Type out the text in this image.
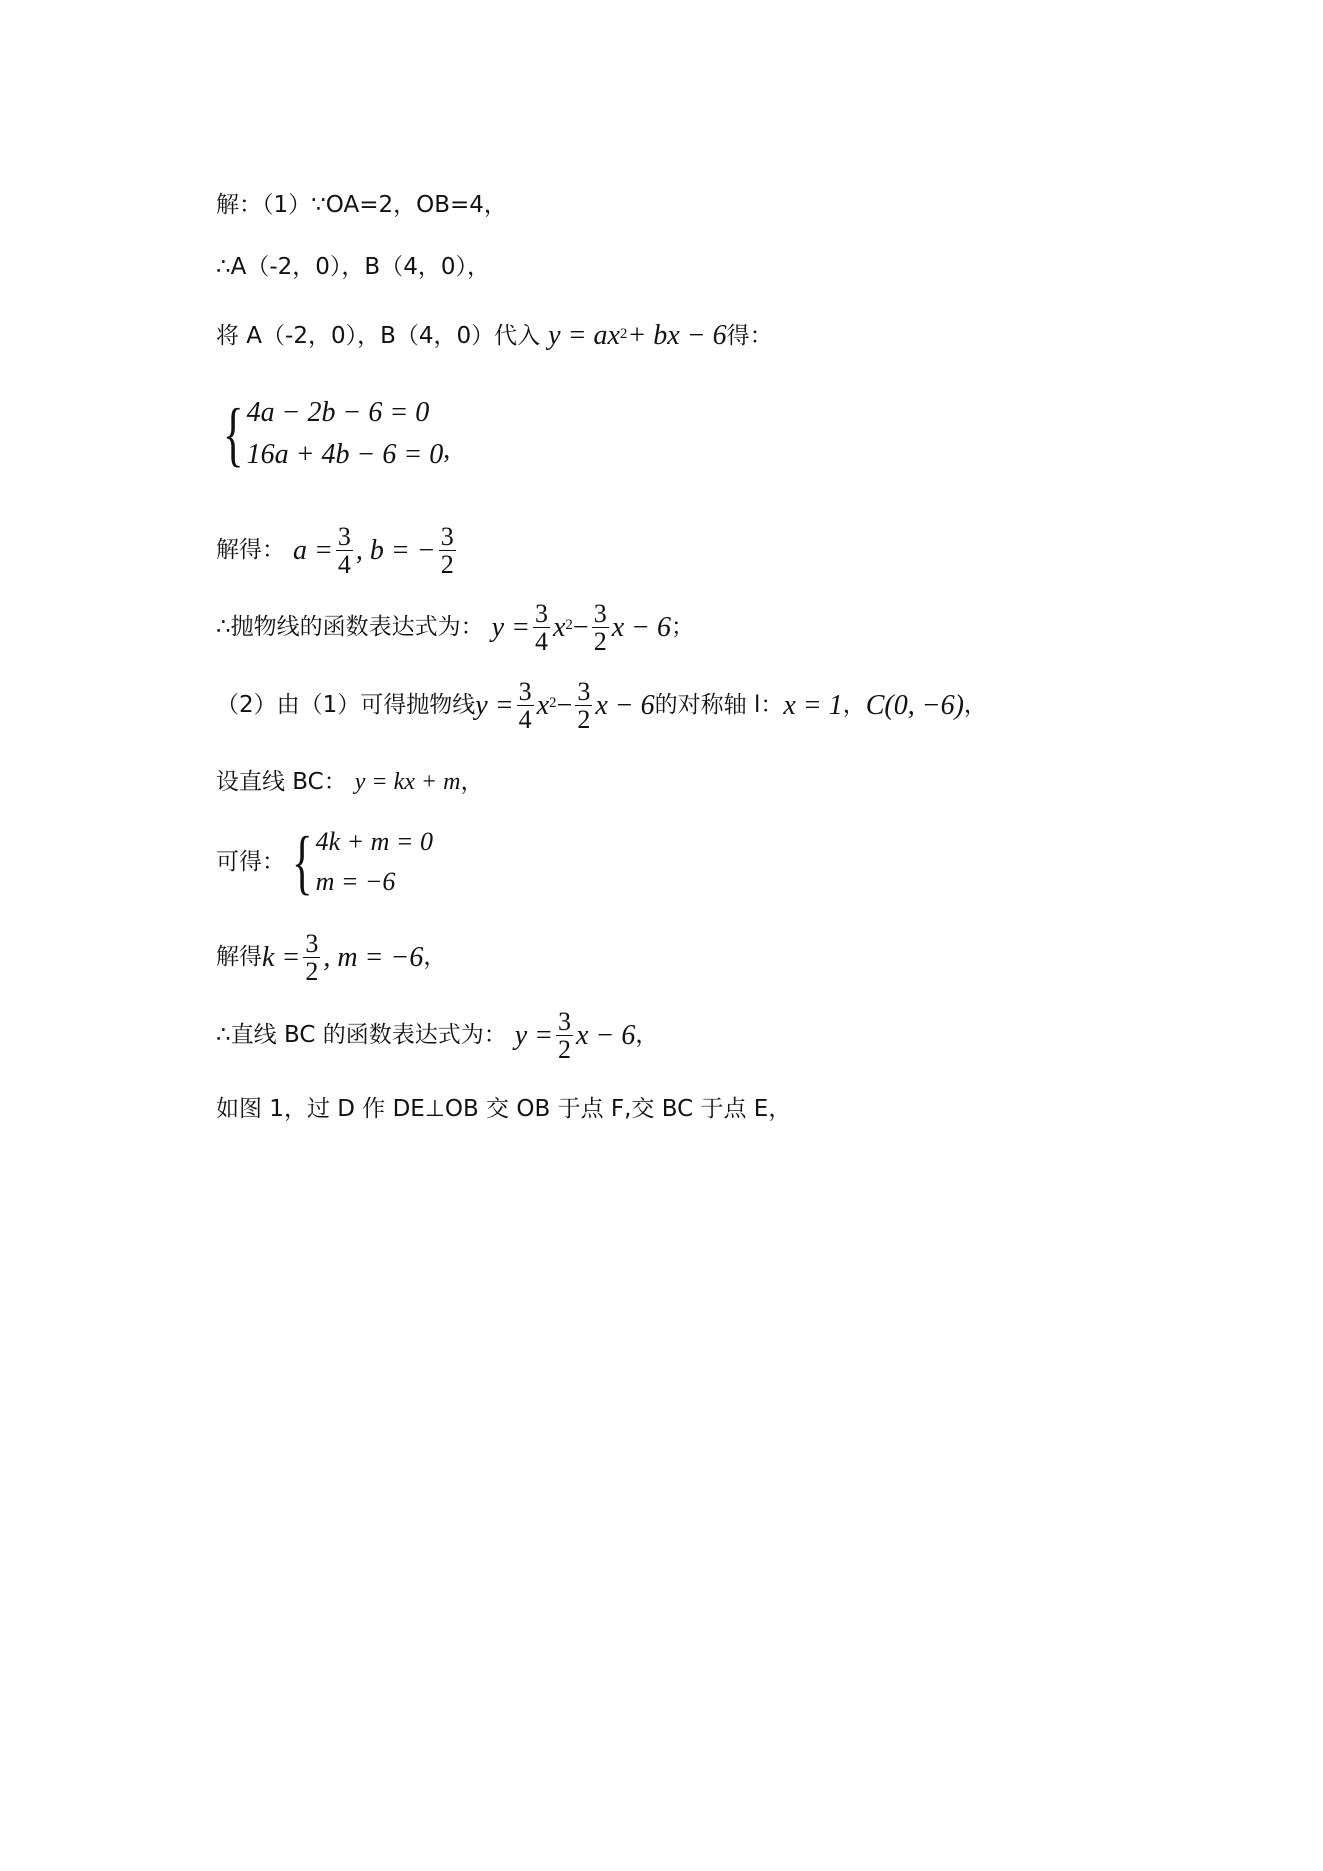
解：（1）∵OA=2，OB=4，
∴A（-2，0），B（4，0），
将 A（-2，0），B（4，0）代入 y = ax 2 + bx − 6 得：
{ 4a − 2b − 6 = 0
16a + 4b − 6 = 0 ,
解得： $a = \frac{3}{4}$ , b = − $\frac{3}{2}$
∴抛物线的函数表达式为： $y = \frac{3}{4}$ x $2 - \frac{3}{2}$ x − 6 ；
（2）由（1）可得抛物线 $y = \frac{3}{4}$ x $2 - \frac{3}{2}$ x − 6 的对称轴 l： x = 1 ， C(0, −6) ，
设直线 BC： y = kx + m ，
可得： { 4k + m = 0
m = −6
解得 $k = \frac{3}{2}$ , m = −6 ，
∴直线 BC 的函数表达式为： $y = \frac{3}{2}$ x − 6 ，
如图 1，过 D 作 DE⊥OB 交 OB 于点 F,交 BC 于点 E，
